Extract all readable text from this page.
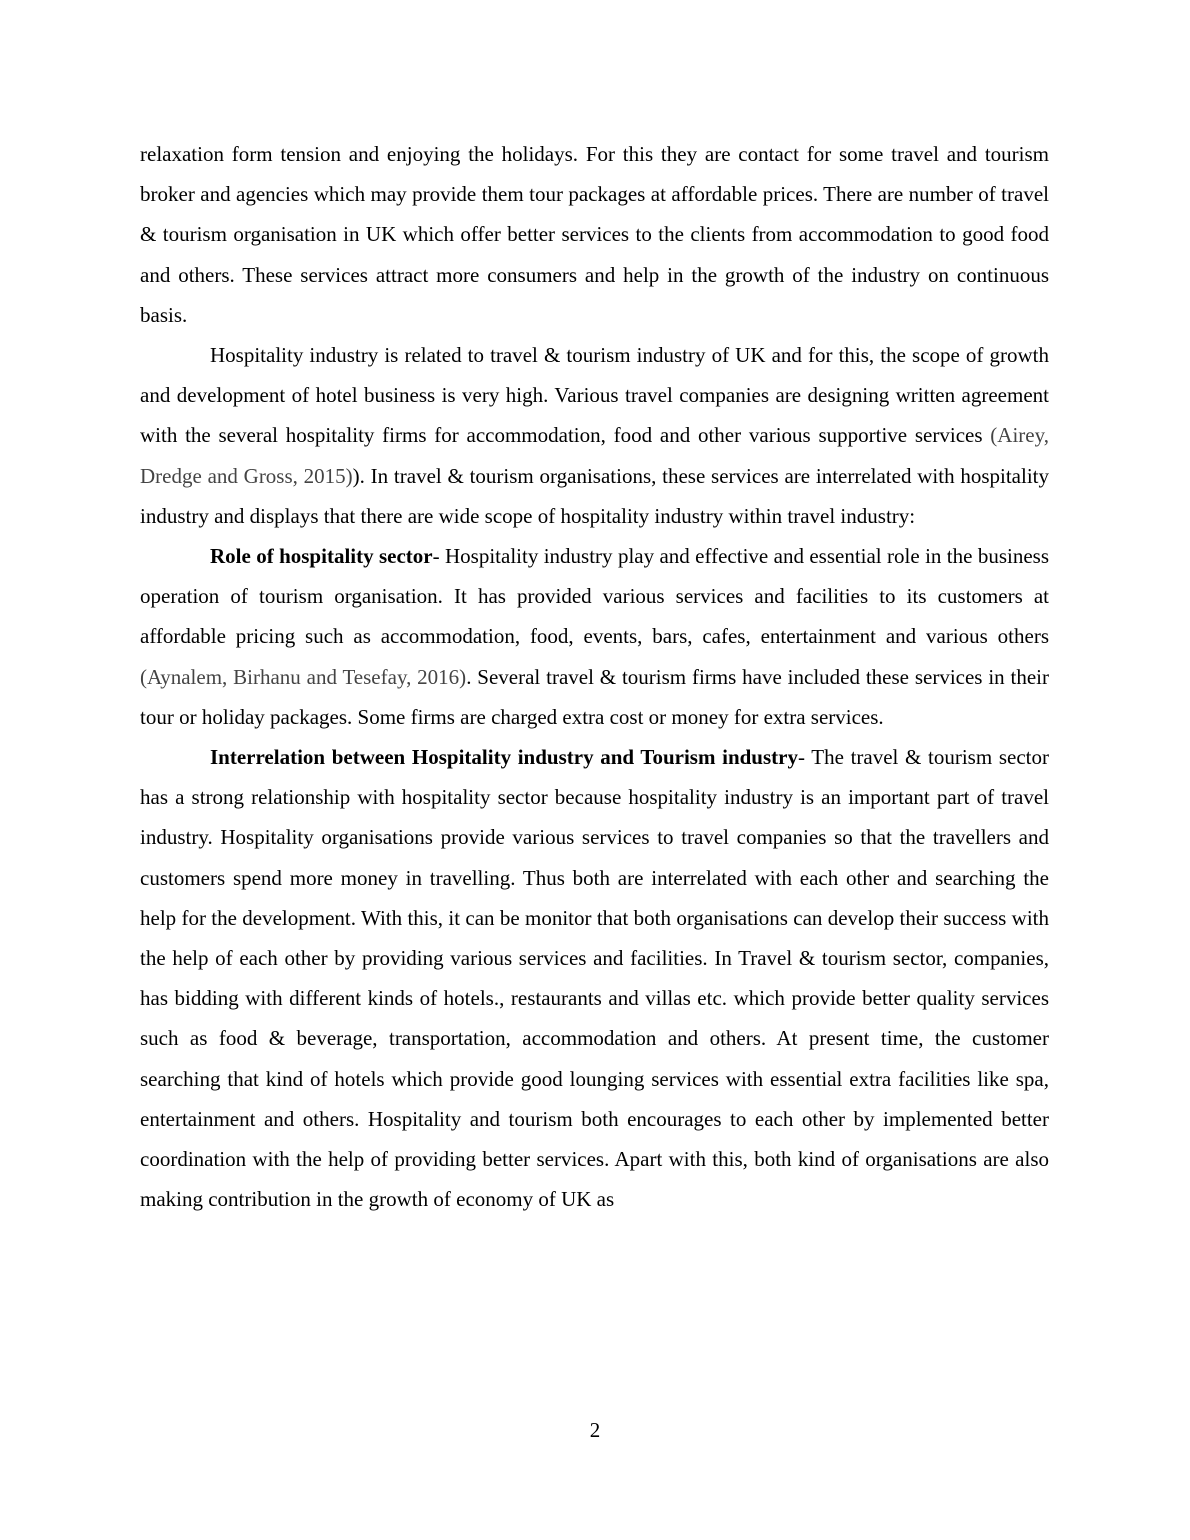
relaxation form tension and enjoying the holidays. For this they are contact for some travel and tourism broker and agencies which may provide them tour packages at affordable prices. There are number of travel & tourism organisation in UK which offer better services to the clients from accommodation to good food and others. These services attract more consumers and help in the growth of the industry on continuous basis.

Hospitality industry is related to travel & tourism industry of UK and for this, the scope of growth and development of hotel business is very high. Various travel companies are designing written agreement with the several hospitality firms for accommodation, food and other various supportive services (Airey, Dredge and Gross, 2015)). In travel & tourism organisations, these services are interrelated with hospitality industry and displays that there are wide scope of hospitality industry within travel industry:

Role of hospitality sector- Hospitality industry play and effective and essential role in the business operation of tourism organisation. It has provided various services and facilities to its customers at affordable pricing such as accommodation, food, events, bars, cafes, entertainment and various others (Aynalem, Birhanu and Tesefay, 2016). Several travel & tourism firms have included these services in their tour or holiday packages. Some firms are charged extra cost or money for extra services.

Interrelation between Hospitality industry and Tourism industry- The travel & tourism sector has a strong relationship with hospitality sector because hospitality industry is an important part of travel industry. Hospitality organisations provide various services to travel companies so that the travellers and customers spend more money in travelling. Thus both are interrelated with each other and searching the help for the development. With this, it can be monitor that both organisations can develop their success with the help of each other by providing various services and facilities. In Travel & tourism sector, companies, has bidding with different kinds of hotels., restaurants and villas etc. which provide better quality services such as food & beverage, transportation, accommodation and others. At present time, the customer searching that kind of hotels which provide good lounging services with essential extra facilities like spa, entertainment and others. Hospitality and tourism both encourages to each other by implemented better coordination with the help of providing better services. Apart with this, both kind of organisations are also making contribution in the growth of economy of UK as

2
